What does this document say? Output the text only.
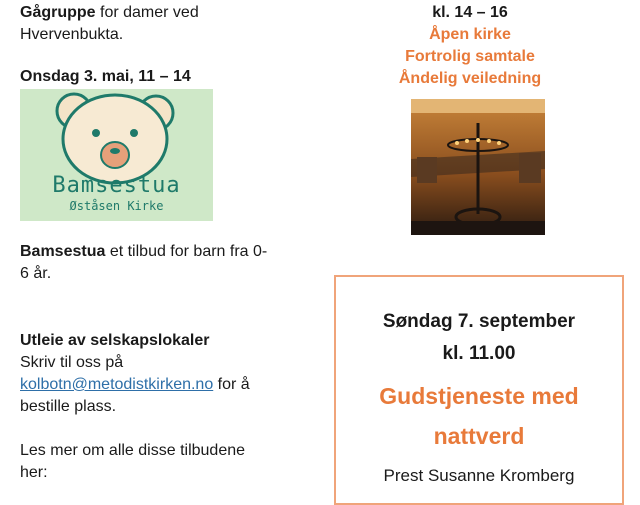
Gågruppe for damer ved
Hvervenbukta.
Onsdag 3. mai, 11 – 14
Bamsestua
Øståsen Kirke
Bamsestua et tilbud for barn fra 0-
6 år.
Utleie av selskapslokaler
Skriv til oss på
kolbotn@metodistkirken.no for å
bestille plass.
Les mer om alle disse tilbudene
her:
kl. 14 – 16
Åpen kirke
Fortrolig samtale
Åndelig veiledning
Søndag 7. september
kl. 11.00
Gudstjeneste med
nattverd
Prest Susanne Kromberg
